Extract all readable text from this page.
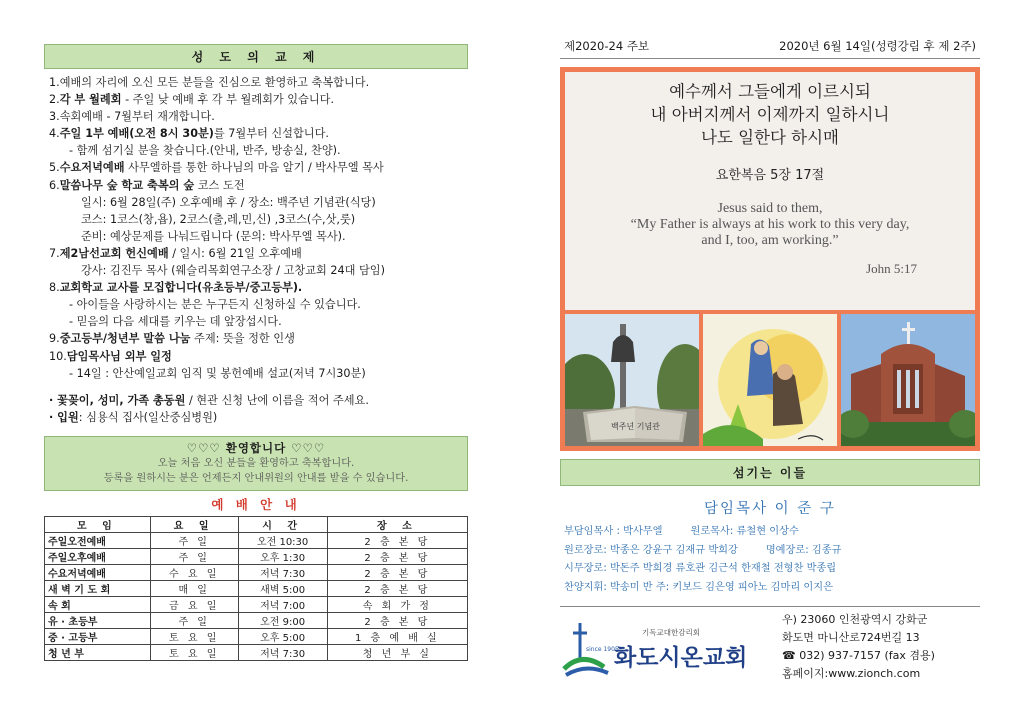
성 도 의 교 제
1.예배의 자리에 오신 모든 분들을 진심으로 환영하고 축복합니다.
2.각 부 월례회 - 주일 낮 예배 후 각 부 월례회가 있습니다.
3.속회예배 - 7월부터 재개합니다.
4.주일 1부 예배(오전 8시 30분)를 7월부터 신설합니다.
- 함께 섬기실 분을 찾습니다.(안내, 반주, 방송실, 찬양).
5.수요저녁예배 사무엘하를 통한 하나님의 마음 알기 / 박사무엘 목사
6.말씀나무 숲 학교 축복의 숲 코스 도전
일시: 6월 28일(주) 오후예배 후 / 장소: 백주년 기념관(식당)
코스: 1코스(창,욥), 2코스(출,레,민,신) ,3코스(수,삿,룻)
준비: 예상문제를 나눠드립니다 (문의: 박사무엘 목사).
7.제2남선교회 헌신예배 / 일시: 6월 21일 오후예배
강사: 김진두 목사 (웨슬리목회연구소장 / 고창교회 24대 담임)
8.교회학교 교사를 모집합니다(유초등부/중고등부).
- 아이들을 사랑하시는 분은 누구든지 신청하실 수 있습니다.
- 믿음의 다음 세대를 키우는 데 앞장섭시다.
9.중고등부/청년부 말씀 나눔 주제: 뜻을 정한 인생
10.담임목사님 외부 일정
- 14일 : 안산예일교회 임직 및 봉헌예배 설교(저녁 7시30분)
· 꽃꽂이, 성미, 가족 총동원 / 현관 신청 난에 이름을 적어 주세요.
· 입원: 심용식 집사(일산중심병원)
♡♡♡ 환영합니다 ♡♡♡
오늘 처음 오신 분들을 환영하고 축복합니다.
등록을 원하시는 분은 언제든지 안내위원의 안내를 받을 수 있습니다.
예 배 안 내
모 임	요 일	시 간	장 소
주일오전예배	주 일	오전 10:30	2 층 본 당
주일오후예배	주 일	오후 1:30	2 층 본 당
수요저녁예배	수 요 일	저녁 7:30	2 층 본 당
새 벽 기 도 회	매 일	새벽 5:00	2 층 본 당
속 회	금 요 일	저녁 7:00	속 회 가 정
유 · 초등부	주 일	오전 9:00	2 층 본 당
중 · 고등부	토 요 일	오후 5:00	1 층 예 배 실
청 년 부	토 요 일	저녁 7:30	청 년 부 실
제2020-24 주보	2020년 6월 14일(성령강림 후 제 2주)
예수께서 그들에게 이르시되
내 아버지께서 이제까지 일하시니
나도 일한다 하시매
요한복음 5장 17절
Jesus said to them,
“My Father is always at his work to this very day,
and I, too, am working.”
John 5:17
백주년 기념관
섬기는 이들
담임목사 이 준 구
부담임목사 : 박사무엘	원로목사: 류철현 이상수
원로장로: 박종은 강윤구 김재규 박희강	명예장로: 김종규
시무장로: 박돈주 박희경 류호관 김근석 한재철 전형찬 박종립
찬양지휘: 박송미 반 주: 키보드 김은영 피아노 김마리 이지은
since 1905
기독교대한감리회
화도시온교회
우) 23060 인천광역시 강화군
화도면 마니산로724번길 13
☎ 032) 937-7157 (fax 겸용)
홈페이지:www.zionch.com
